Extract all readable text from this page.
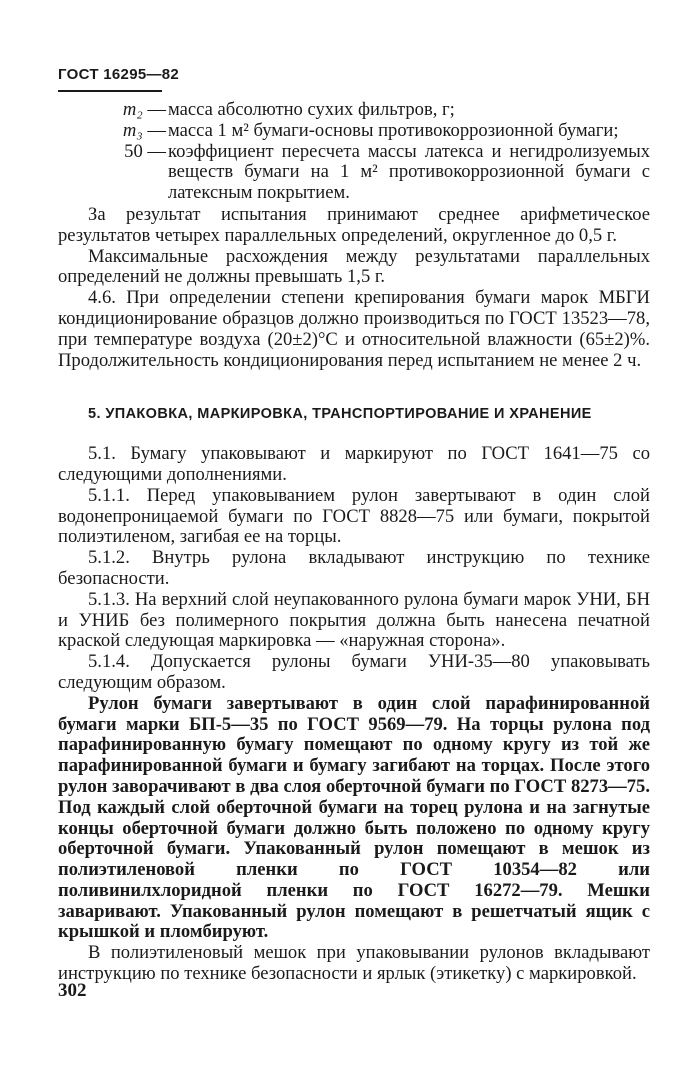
ГОСТ 16295—82
m₂ — масса абсолютно сухих фильтров, г;
m₃ — масса 1 м² бумаги-основы противокоррозионной бумаги;
50 — коэффициент пересчета массы латекса и негидролизуемых веществ бумаги на 1 м² противокоррозионной бумаги с латексным покрытием.

За результат испытания принимают среднее арифметическое результатов четырех параллельных определений, округленное до 0,5 г.

Максимальные расхождения между результатами параллельных определений не должны превышать 1,5 г.

4.6. При определении степени крепирования бумаги марок МБГИ кондиционирование образцов должно производиться по ГОСТ 13523—78, при температуре воздуха (20±2)°С и относительной влажности (65±2)%. Продолжительность кондиционирования перед испытанием не менее 2 ч.

5. УПАКОВКА, МАРКИРОВКА, ТРАНСПОРТИРОВАНИЕ И ХРАНЕНИЕ

5.1. Бумагу упаковывают и маркируют по ГОСТ 1641—75 со следующими дополнениями.

5.1.1. Перед упаковыванием рулон завертывают в один слой водонепроницаемой бумаги по ГОСТ 8828—75 или бумаги, покрытой полиэтиленом, загибая ее на торцы.

5.1.2. Внутрь рулона вкладывают инструкцию по технике безопасности.

5.1.3. На верхний слой неупакованного рулона бумаги марок УНИ, БН и УНИБ без полимерного покрытия должна быть нанесена печатной краской следующая маркировка — «наружная сторона».

5.1.4. Допускается рулоны бумаги УНИ-35—80 упаковывать следующим образом.

Рулон бумаги завертывают в один слой парафинированной бумаги марки БП-5—35 по ГОСТ 9569—79. На торцы рулона под парафинированную бумагу помещают по одному кругу из той же парафинированной бумаги и бумагу загибают на торцах. После этого рулон заворачивают в два слоя оберточной бумаги по ГОСТ 8273—75. Под каждый слой оберточной бумаги на торец рулона и на загнутые концы оберточной бумаги должно быть положено по одному кругу оберточной бумаги. Упакованный рулон помещают в мешок из полиэтиленовой пленки по ГОСТ 10354—82 или поливинилхлоридной пленки по ГОСТ 16272—79. Мешки заваривают. Упакованный рулон помещают в решетчатый ящик с крышкой и пломбируют.

В полиэтиленовый мешок при упаковывании рулонов вкладывают инструкцию по технике безопасности и ярлык (этикетку) с маркировкой.

302
